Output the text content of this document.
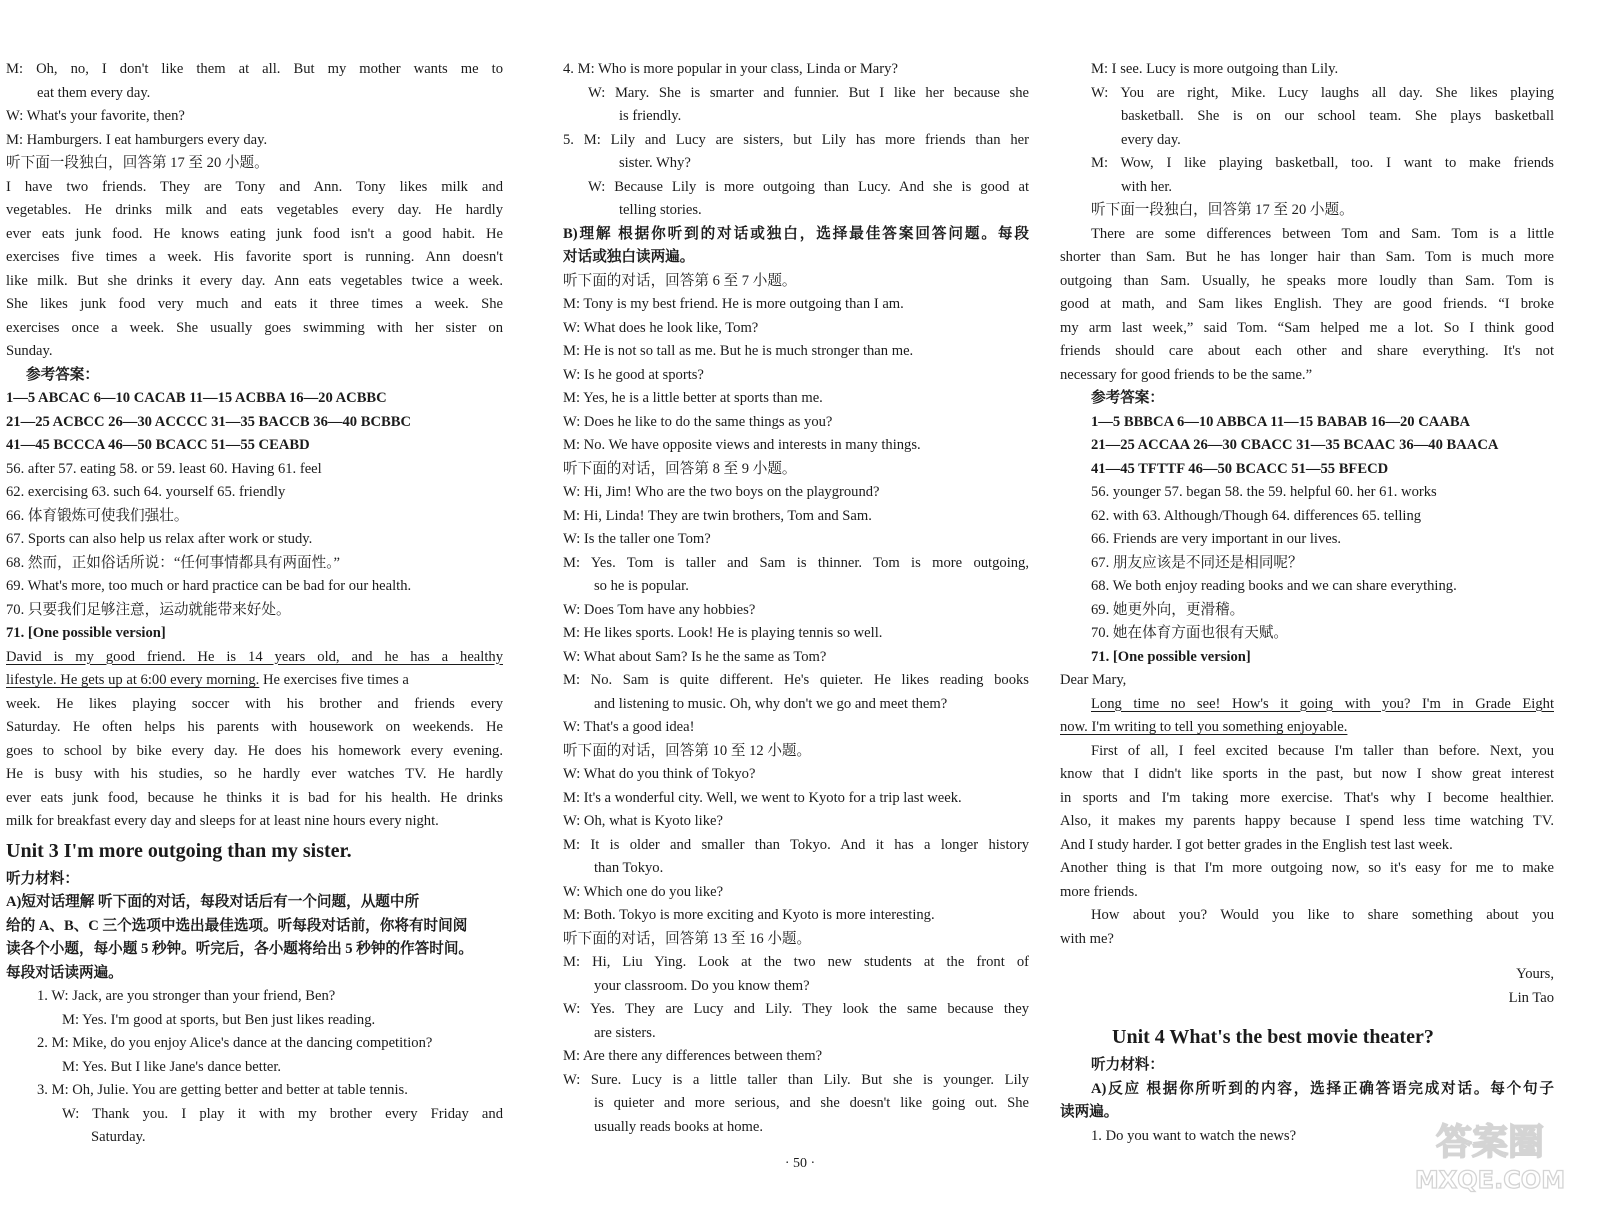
M: Oh, no, I don't like them at all. But my mother wants me to
eat them every day.
W: What's your favorite, then?
M: Hamburgers. I eat hamburgers every day.
听下面一段独白，回答第 17 至 20 小题。
I have two friends. They are Tony and Ann. Tony likes milk and
vegetables. He drinks milk and eats vegetables every day. He hardly
ever eats junk food. He knows eating junk food isn't a good habit. He
exercises five times a week. His favorite sport is running. Ann doesn't
like milk. But she drinks it every day. Ann eats vegetables twice a week.
She likes junk food very much and eats it three times a week. She
exercises once a week. She usually goes swimming with her sister on
Sunday.
参考答案：
1—5 ABCAC 6—10 CACAB 11—15 ACBBA 16—20 ACBBC
21—25 ACBCC 26—30 ACCCC 31—35 BACCB 36—40 BCBBC
41—45 BCCCA 46—50 BCACC 51—55 CEABD
56. after 57. eating 58. or 59. least 60. Having 61. feel
62. exercising 63. such 64. yourself 65. friendly
66. 体育锻炼可使我们强壮。
67. Sports can also help us relax after work or study.
68. 然而，正如俗话所说：“任何事情都具有两面性。”
69. What's more, too much or hard practice can be bad for our health.
70. 只要我们足够注意，运动就能带来好处。
71. [One possible version]
David is my good friend. He is 14 years old, and he has a healthy
lifestyle. He gets up at 6:00 every morning. He exercises five times a
week. He likes playing soccer with his brother and friends every
Saturday. He often helps his parents with housework on weekends. He
goes to school by bike every day. He does his homework every evening.
He is busy with his studies, so he hardly ever watches TV. He hardly
ever eats junk food, because he thinks it is bad for his health. He drinks
milk for breakfast every day and sleeps for at least nine hours every night.
Unit 3 I'm more outgoing than my sister.
听力材料：
A)短对话理解 听下面的对话，每段对话后有一个问题，从题中所
给的 A、B、C 三个选项中选出最佳选项。听每段对话前，你将有时间阅
读各个小题，每小题 5 秒钟。听完后，各小题将给出 5 秒钟的作答时间。
每段对话读两遍。
1. W: Jack, are you stronger than your friend, Ben?
M: Yes. I'm good at sports, but Ben just likes reading.
2. M: Mike, do you enjoy Alice's dance at the dancing competition?
M: Yes. But I like Jane's dance better.
3. M: Oh, Julie. You are getting better and better at table tennis.
W: Thank you. I play it with my brother every Friday and
Saturday.
4. M: Who is more popular in your class, Linda or Mary?
W: Mary. She is smarter and funnier. But I like her because she
is friendly.
5. M: Lily and Lucy are sisters, but Lily has more friends than her
sister. Why?
W: Because Lily is more outgoing than Lucy. And she is good at
telling stories.
B)理解 根据你听到的对话或独白，选择最佳答案回答问题。每段
对话或独白读两遍。
听下面的对话，回答第 6 至 7 小题。
M: Tony is my best friend. He is more outgoing than I am.
W: What does he look like, Tom?
M: He is not so tall as me. But he is much stronger than me.
W: Is he good at sports?
M: Yes, he is a little better at sports than me.
W: Does he like to do the same things as you?
M: No. We have opposite views and interests in many things.
听下面的对话，回答第 8 至 9 小题。
W: Hi, Jim! Who are the two boys on the playground?
M: Hi, Linda! They are twin brothers, Tom and Sam.
W: Is the taller one Tom?
M: Yes. Tom is taller and Sam is thinner. Tom is more outgoing,
so he is popular.
W: Does Tom have any hobbies?
M: He likes sports. Look! He is playing tennis so well.
W: What about Sam? Is he the same as Tom?
M: No. Sam is quite different. He's quieter. He likes reading books
and listening to music. Oh, why don't we go and meet them?
W: That's a good idea!
听下面的对话，回答第 10 至 12 小题。
W: What do you think of Tokyo?
M: It's a wonderful city. Well, we went to Kyoto for a trip last week.
W: Oh, what is Kyoto like?
M: It is older and smaller than Tokyo. And it has a longer history
than Tokyo.
W: Which one do you like?
M: Both. Tokyo is more exciting and Kyoto is more interesting.
听下面的对话，回答第 13 至 16 小题。
M: Hi, Liu Ying. Look at the two new students at the front of
your classroom. Do you know them?
W: Yes. They are Lucy and Lily. They look the same because they
are sisters.
M: Are there any differences between them?
W: Sure. Lucy is a little taller than Lily. But she is younger. Lily
is quieter and more serious, and she doesn't like going out. She
usually reads books at home.
M: I see. Lucy is more outgoing than Lily.
W: You are right, Mike. Lucy laughs all day. She likes playing
basketball. She is on our school team. She plays basketball
every day.
M: Wow, I like playing basketball, too. I want to make friends
with her.
听下面一段独白，回答第 17 至 20 小题。
There are some differences between Tom and Sam. Tom is a little
shorter than Sam. But he has longer hair than Sam. Tom is much more
outgoing than Sam. Usually, he speaks more loudly than Sam. Tom is
good at math, and Sam likes English. They are good friends. “I broke
my arm last week,” said Tom. “Sam helped me a lot. So I think good
friends should care about each other and share everything. It's not
necessary for good friends to be the same.”
参考答案：
1—5 BBBCA 6—10 ABBCA 11—15 BABAB 16—20 CAABA
21—25 ACCAA 26—30 CBACC 31—35 BCAAC 36—40 BAACA
41—45 TFTTF 46—50 BCACC 51—55 BFECD
56. younger 57. began 58. the 59. helpful 60. her 61. works
62. with 63. Although/Though 64. differences 65. telling
66. Friends are very important in our lives.
67. 朋友应该是不同还是相同呢？
68. We both enjoy reading books and we can share everything.
69. 她更外向，更滑稽。
70. 她在体育方面也很有天赋。
71. [One possible version]
Dear Mary,
Long time no see! How's it going with you? I'm in Grade Eight
now. I'm writing to tell you something enjoyable.
First of all, I feel excited because I'm taller than before. Next, you
know that I didn't like sports in the past, but now I show great interest
in sports and I'm taking more exercise. That's why I become healthier.
Also, it makes my parents happy because I spend less time watching TV.
And I study harder. I got better grades in the English test last week.
Another thing is that I'm more outgoing now, so it's easy for me to make
more friends.
How about you? Would you like to share something about you
with me?
Yours,
Lin Tao
Unit 4 What's the best movie theater?
听力材料：
A)反应 根据你所听到的内容，选择正确答语完成对话。每个句子
读两遍。
1. Do you want to watch the news?
· 50 ·
答案圈
MXQE.COM
